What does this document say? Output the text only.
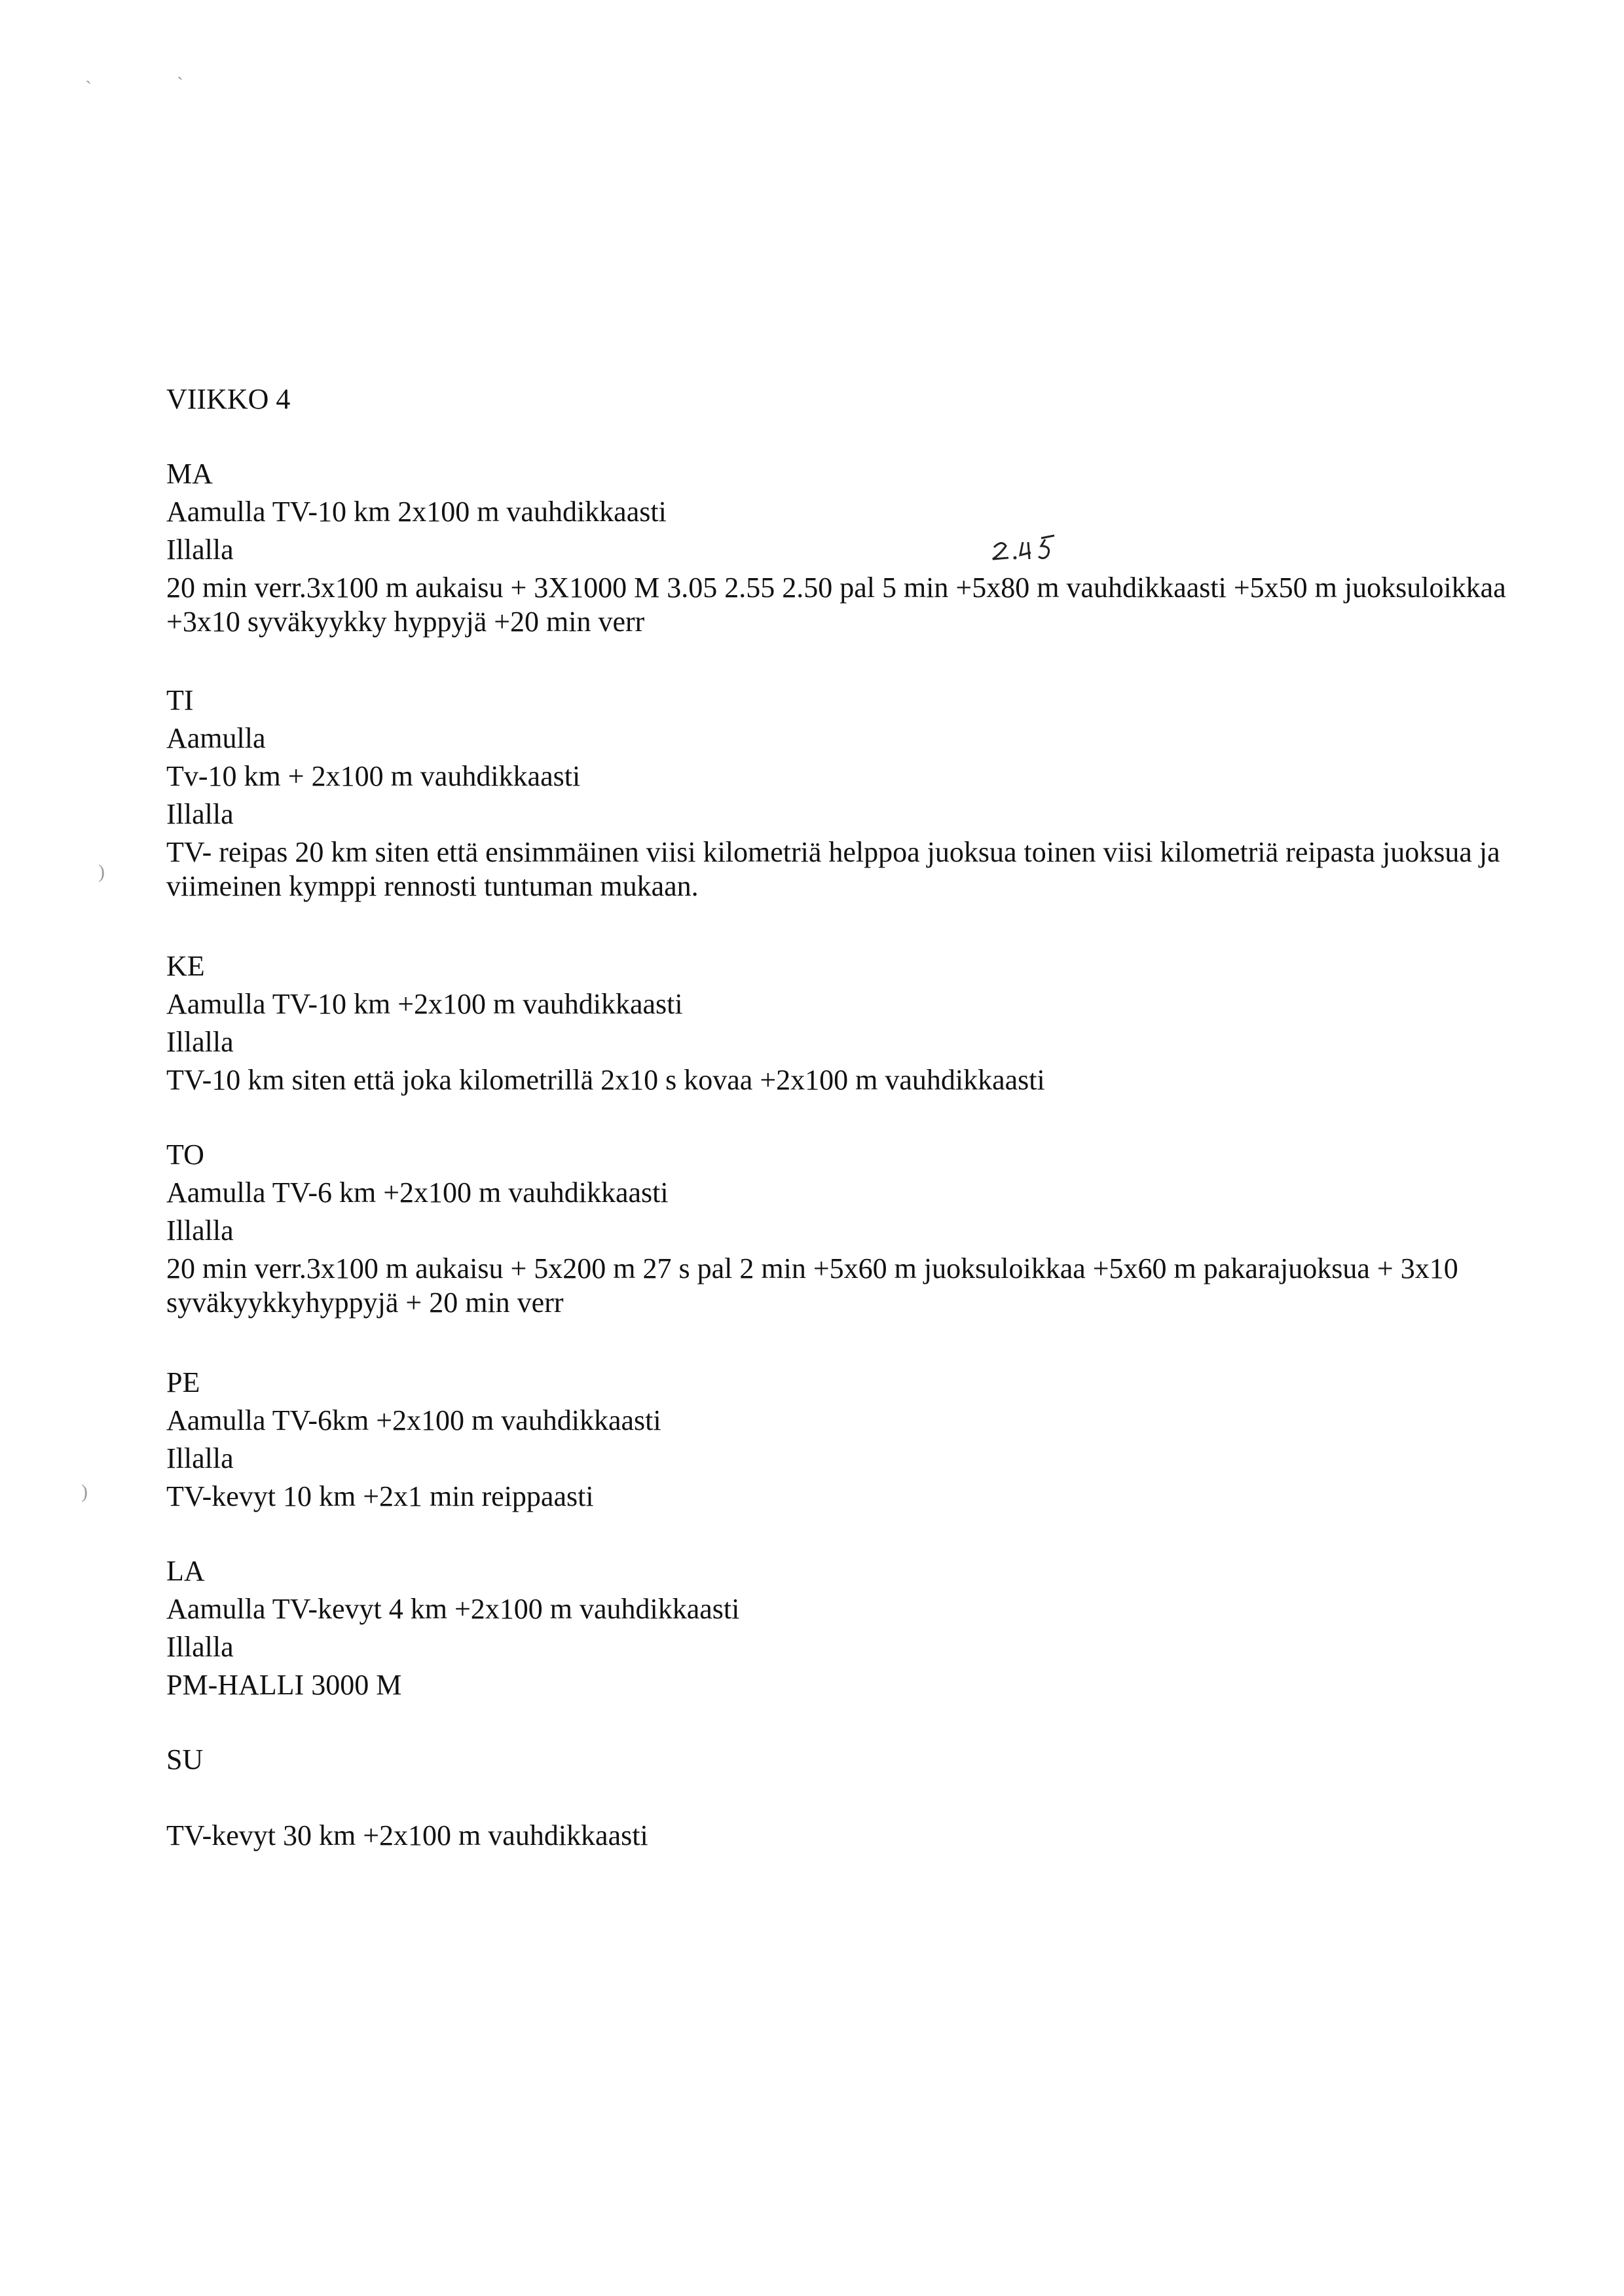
`	`
)
)
VIIKKO 4
MA
Aamulla TV-10 km 2x100 m vauhdikkaasti
Illalla
20 min verr.3x100 m aukaisu + 3X1000 M 3.05 2.55 2.50 pal 5 min +5x80 m vauhdikkaasti +5x50 m juoksuloikkaa +3x10 syväkyykky hyppyjä +20 min verr
TI
Aamulla
Tv-10 km + 2x100 m vauhdikkaasti
Illalla
TV- reipas 20 km siten että ensimmäinen viisi kilometriä helppoa juoksua toinen viisi kilometriä reipasta juoksua ja viimeinen kymppi rennosti tuntuman mukaan.
KE
Aamulla TV-10 km +2x100 m vauhdikkaasti
Illalla
TV-10 km siten että joka kilometrillä 2x10 s kovaa +2x100 m vauhdikkaasti
TO
Aamulla TV-6 km +2x100 m vauhdikkaasti
Illalla
20 min verr.3x100 m aukaisu + 5x200 m 27 s pal 2 min +5x60 m juoksuloikkaa +5x60 m pakarajuoksua + 3x10 syväkyykkyhyppyjä + 20 min verr
PE
Aamulla TV-6km +2x100 m vauhdikkaasti
Illalla
TV-kevyt 10 km +2x1 min reippaasti
LA
Aamulla TV-kevyt 4 km +2x100 m vauhdikkaasti
Illalla
PM-HALLI 3000 M
SU
TV-kevyt 30 km +2x100 m vauhdikkaasti
